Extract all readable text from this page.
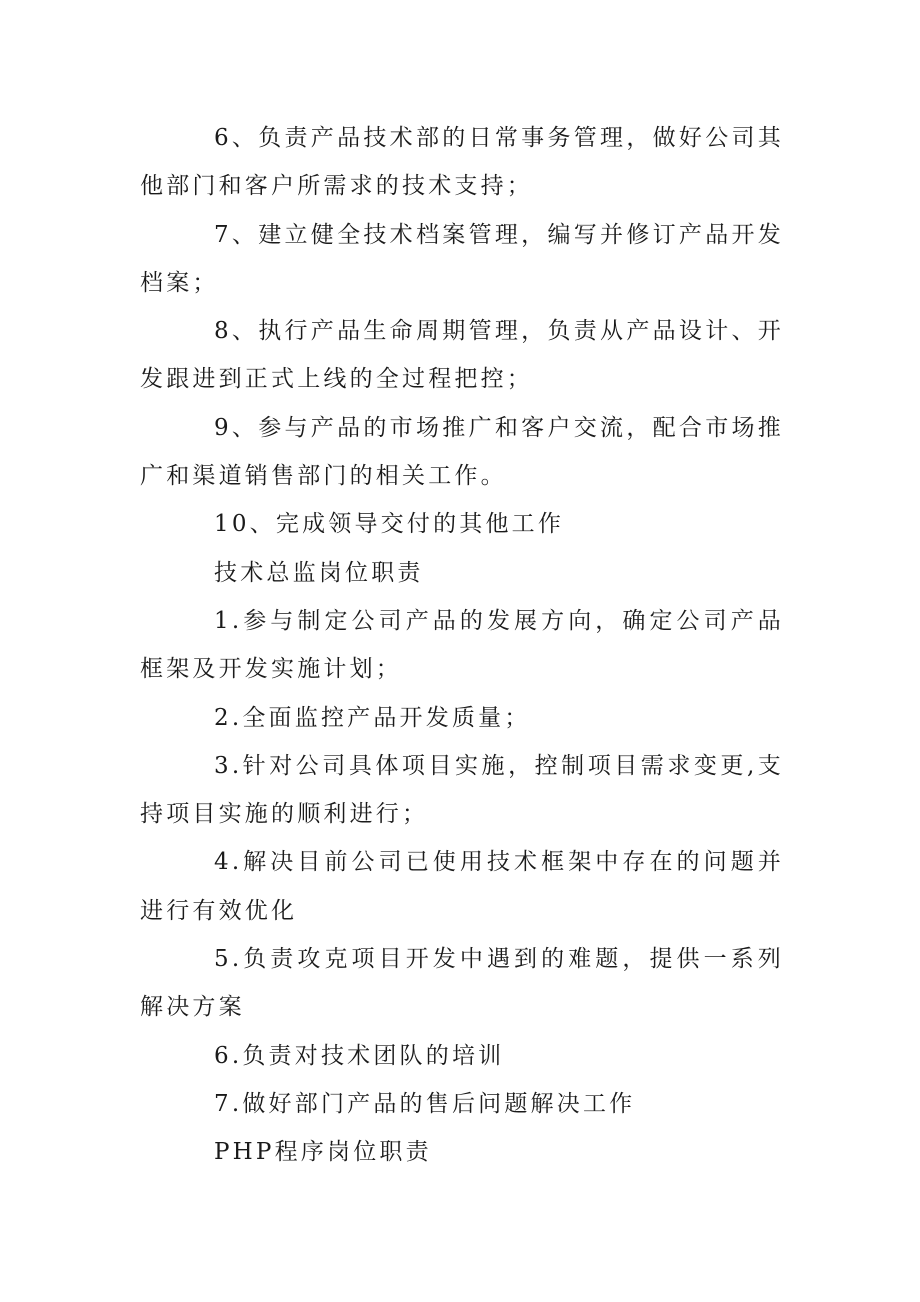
6、负责产品技术部的日常事务管理，做好公司其他部门和客户所需求的技术支持；

7、建立健全技术档案管理，编写并修订产品开发档案；

8、执行产品生命周期管理，负责从产品设计、开发跟进到正式上线的全过程把控；

9、参与产品的市场推广和客户交流，配合市场推广和渠道销售部门的相关工作。

10、完成领导交付的其他工作

技术总监岗位职责

1.参与制定公司产品的发展方向，确定公司产品框架及开发实施计划；

2.全面监控产品开发质量；

3.针对公司具体项目实施，控制项目需求变更,支持项目实施的顺利进行；

4.解决目前公司已使用技术框架中存在的问题并进行有效优化

5.负责攻克项目开发中遇到的难题，提供一系列解决方案

6.负责对技术团队的培训

7.做好部门产品的售后问题解决工作

PHP程序岗位职责
